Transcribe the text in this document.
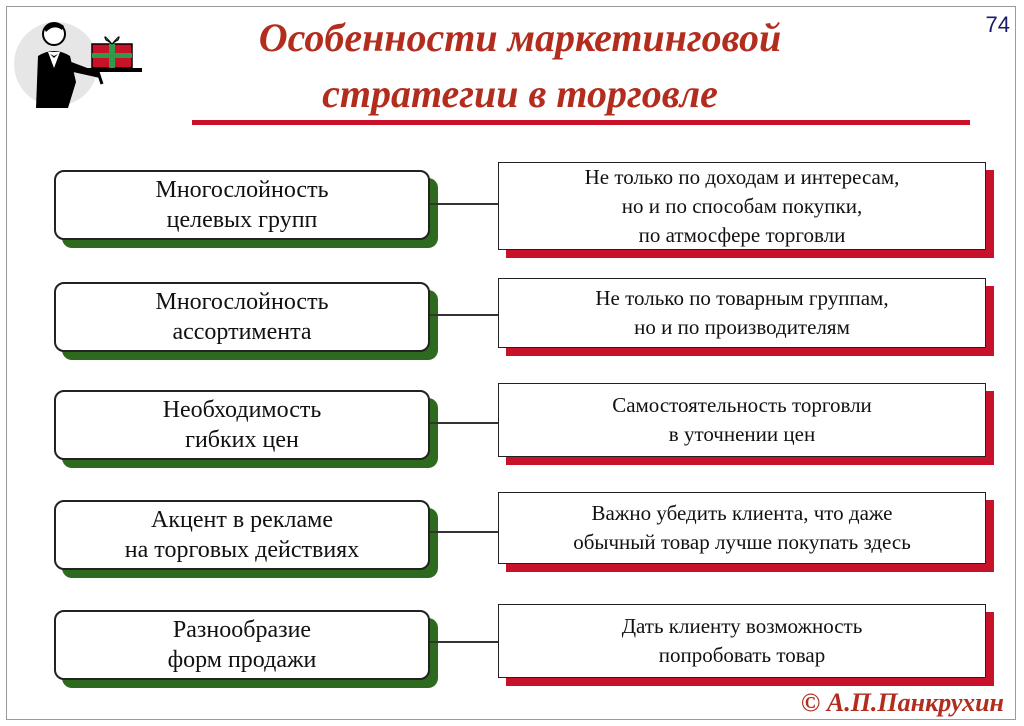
74
Особенности маркетинговой
стратегии в торговле
Многослойность
целевых групп
Не только по доходам и интересам,
но и по способам покупки,
по атмосфере торговли
Многослойность
ассортимента
Не только по товарным группам,
но и по производителям
Необходимость
гибких цен
Самостоятельность торговли
в уточнении цен
Акцент в рекламе
на торговых действиях
Важно убедить клиента, что даже
обычный товар лучше покупать здесь
Разнообразие
форм продажи
Дать клиенту возможность
попробовать товар
© А.П.Панкрухин
